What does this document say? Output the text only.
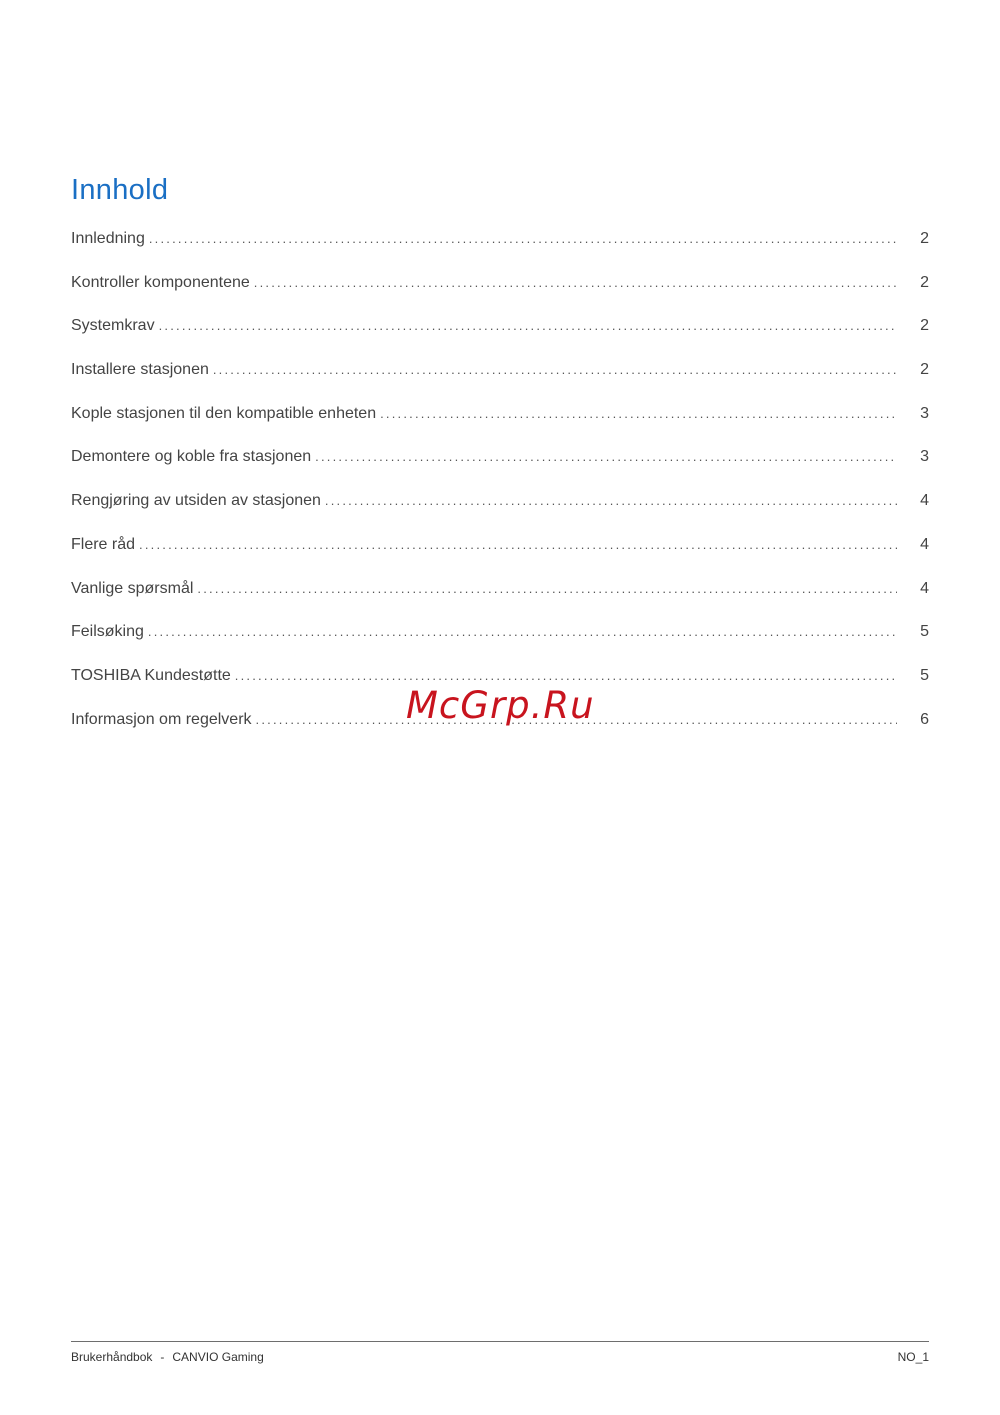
Innhold
Innledning .....	2
Kontroller komponentene .....	2
Systemkrav .....	2
Installere stasjonen .....	2
Kople stasjonen til den kompatible enheten .....	3
Demontere og koble fra stasjonen .....	3
Rengjøring av utsiden av stasjonen .....	4
Flere råd .....	4
Vanlige spørsmål .....	4
Feilsøking .....	5
TOSHIBA Kundestøtte .....	5
Informasjon om regelverk .....	6
McGrp.Ru
Brukerhåndbok - CANVIO Gaming	NO_1
